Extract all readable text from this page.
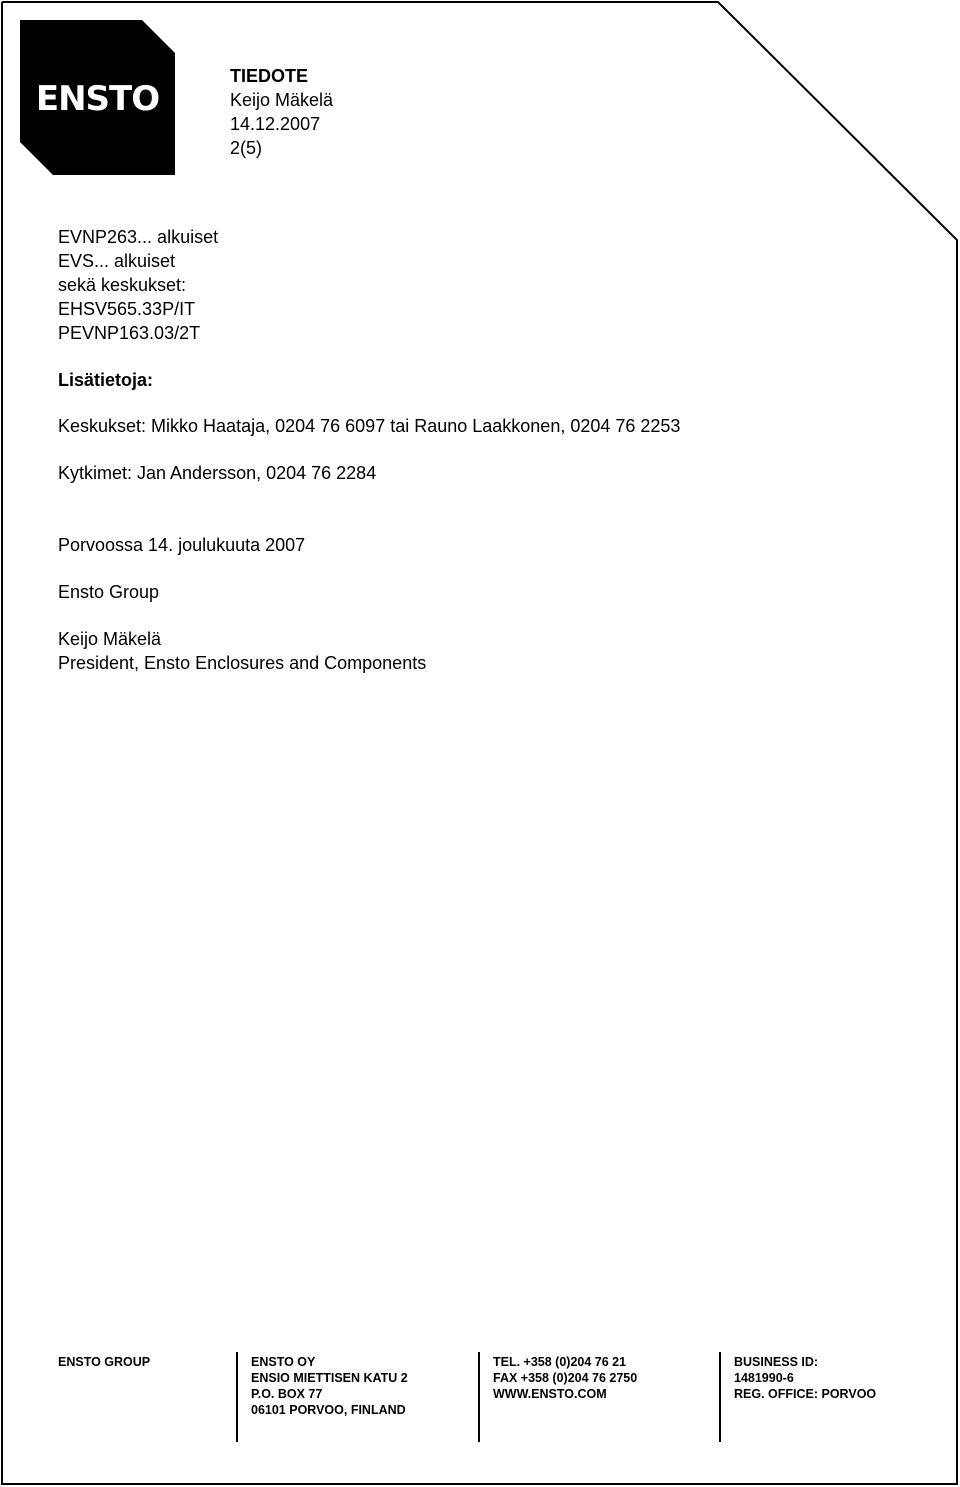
ENSTO
TIEDOTE
Keijo Mäkelä
14.12.2007
2(5)
EVNP263... alkuiset
EVS... alkuiset
sekä keskukset:
EHSV565.33P/IT
PEVNP163.03/2T
Lisätietoja:
Keskukset: Mikko Haataja, 0204 76 6097 tai Rauno Laakkonen, 0204 76 2253
Kytkimet: Jan Andersson, 0204 76 2284
Porvoossa 14. joulukuuta 2007
Ensto Group
Keijo Mäkelä
President, Ensto Enclosures and Components
ENSTO GROUP	ENSTO OY
ENSIO MIETTISEN KATU 2
P.O. BOX 77
06101 PORVOO, FINLAND
TEL. +358 (0)204 76 21
FAX +358 (0)204 76 2750
WWW.ENSTO.COM
BUSINESS ID:
1481990-6
REG. OFFICE: PORVOO
